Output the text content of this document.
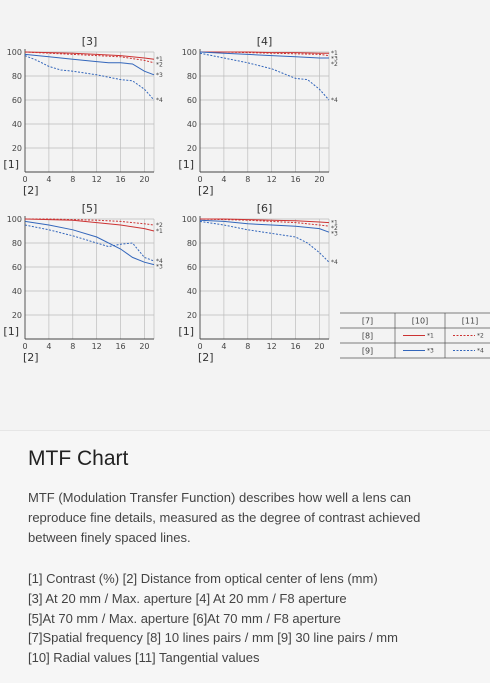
20
40
60
80
100
0 4 8 12 16 20
[3]
[2]
[1]
*1
*2
*3
*4
20
40
60
80
100
0 4 8 12 16 20
[4]
[2]
[1]
*1
*3
*2
*4
20
40
60
80
100
0 4 8 12 16 20
[5]
[2]
[1]
*2
*1
*4
*3
20
40
60
80
100
0 4 8 12 16 20
[6]
[2]
[1]
*1
*2
*3
*4
[7]	[10]	[11]
[8]	*1	*2
[9]	*3	*4
MTF Chart

MTF (Modulation Transfer Function) describes how well a lens can reproduce fine details, measured as the degree of contrast achieved between finely spaced lines.

[1] Contrast (%) [2] Distance from optical center of lens (mm)
[3] At 20 mm / Max. aperture [4] At 20 mm / F8 aperture
[5]At 70 mm / Max. aperture [6]At 70 mm / F8 aperture
[7]Spatial frequency [8] 10 lines pairs / mm [9] 30 line pairs / mm
[10] Radial values [11] Tangential values
